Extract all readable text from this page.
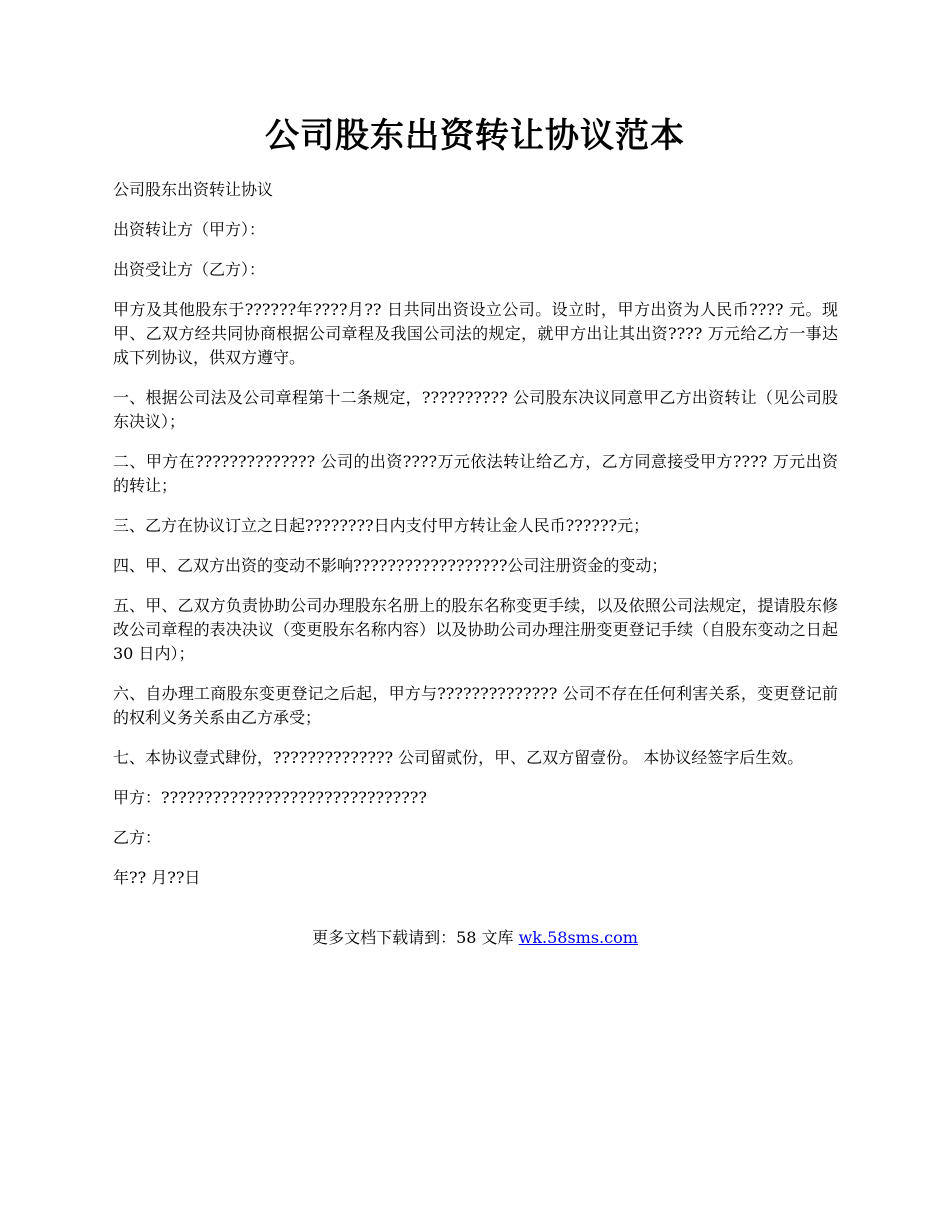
公司股东出资转让协议范本

公司股东出资转让协议

出资转让方（甲方）：

出资受让方（乙方）：

甲方及其他股东于??????年????月?? 日共同出资设立公司。设立时，甲方出资为人民币???? 元。现甲、乙双方经共同协商根据公司章程及我国公司法的规定，就甲方出让其出资???? 万元给乙方一事达成下列协议，供双方遵守。

一、根据公司法及公司章程第十二条规定，?????????? 公司股东决议同意甲乙方出资转让（见公司股东决议）；

二、甲方在?????????????? 公司的出资????万元依法转让给乙方，乙方同意接受甲方???? 万元出资的转让；

三、乙方在协议订立之日起????????日内支付甲方转让金人民币??????元；

四、甲、乙双方出资的变动不影响??????????????????公司注册资金的变动；

五、甲、乙双方负责协助公司办理股东名册上的股东名称变更手续，以及依照公司法规定，提请股东修改公司章程的表决决议（变更股东名称内容）以及协助公司办理注册变更登记手续（自股东变动之日起 30 日内）；

六、自办理工商股东变更登记之后起，甲方与?????????????? 公司不存在任何利害关系，变更登记前的权利义务关系由乙方承受；

七、本协议壹式肆份，?????????????? 公司留贰份，甲、乙双方留壹份。 本协议经签字后生效。

甲方：???????????????????????????????

乙方：

年?? 月??日

更多文档下载请到：58 文库 wk.58sms.com
